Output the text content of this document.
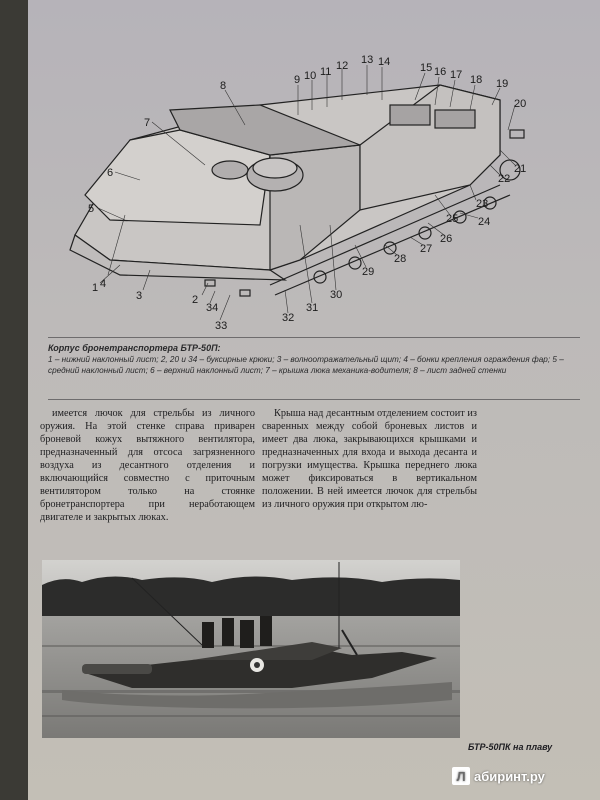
1
2
3
4
5
6
7
8	9 10 11 12 13 14	15 16 17 18 19
20
21
22
23
24
25
26
27
28
29
30
31
32
33
34
Корпус бронетранспортера БТР-50П:
1 – нижний наклонный лист; 2, 20 и 34 – буксирные крюки; 3 – волноотражательный щит; 4 – бонки крепления ограждения фар; 5 – средний наклонный лист; 6 – верхний наклонный лист; 7 – крышка люка механика-водителя; 8 – лист задней стенки

имеется лючок для стрельбы из личного оружия. На этой стенке справа приварен броневой кожух вытяжного вентилятора, предназначенный для отсоса загрязненного воздуха из десантного отделения и включающийся совместно с приточным вентилятором только на стоянке бронетранспортера при неработающем двигателе и закрытых люках.

Крыша над десантным отделением состоит из сваренных между собой броневых листов и имеет два люка, закрывающихся крышками и предназначенных для входа и выхода десанта и погрузки имущества. Крышка переднего люка может фиксироваться в вертикальном положении. В ней имеется лючок для стрельбы из личного оружия при открытом лю-

БТР-50ПК на плаву
Л абиринт.ру
